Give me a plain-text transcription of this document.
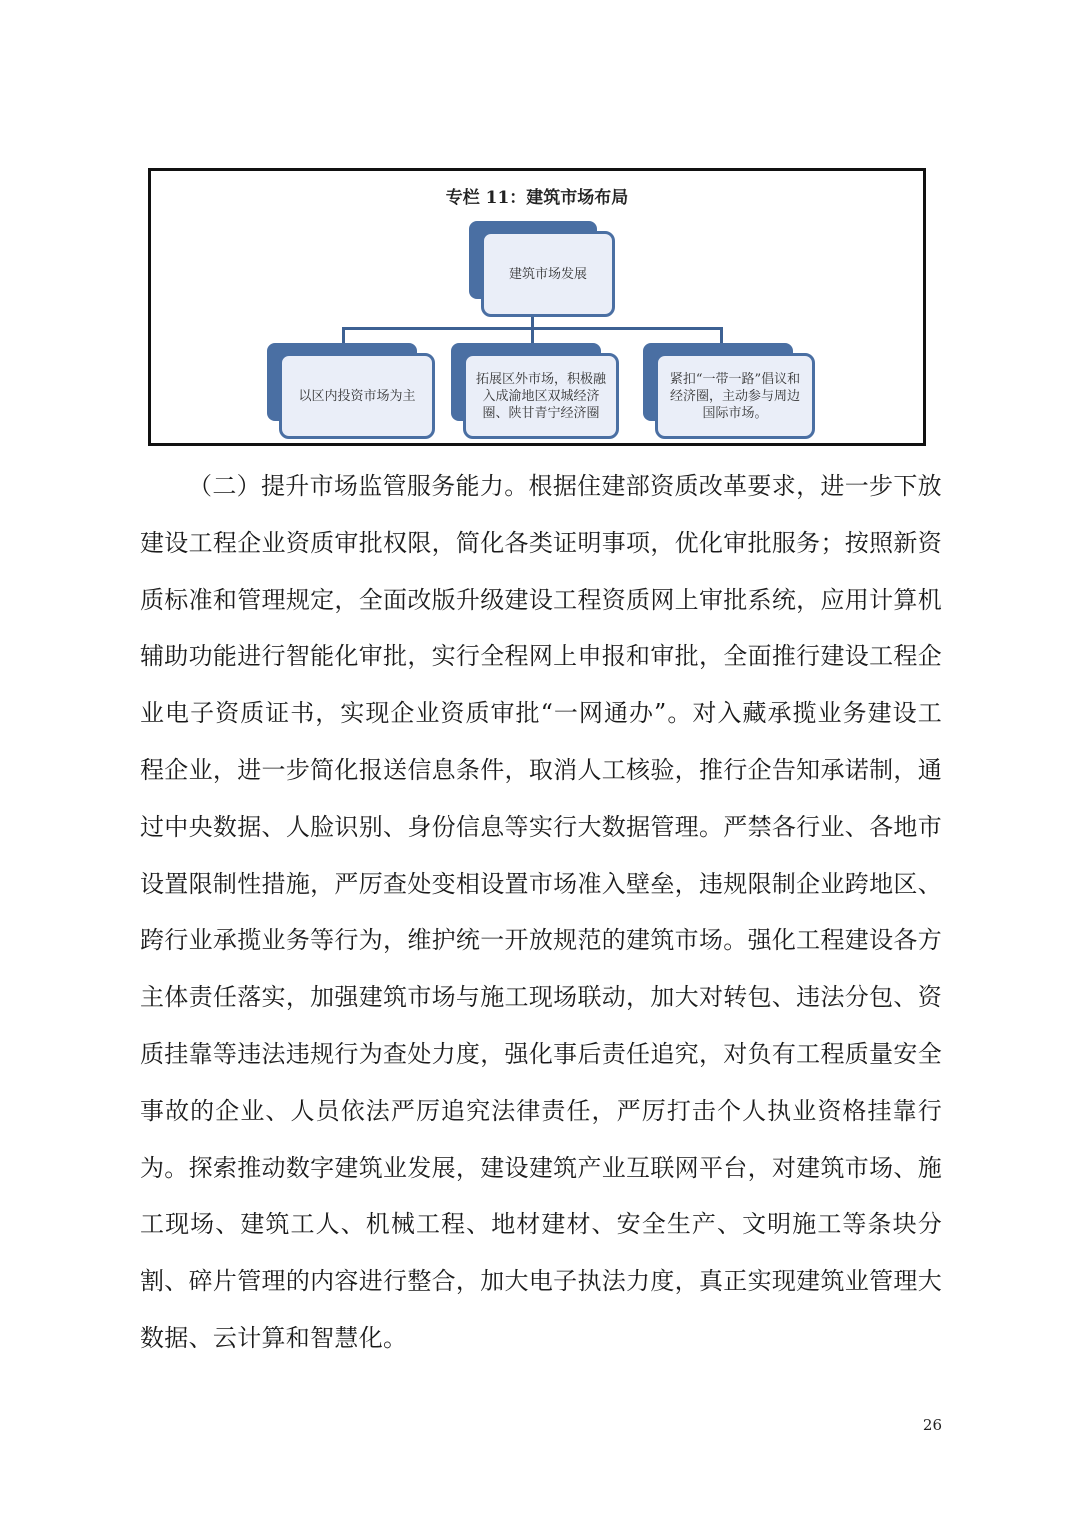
专栏 11：建筑市场布局
建筑市场发展
以区内投资市场为主
拓展区外市场，积极融入成渝地区双城经济圈、陕甘青宁经济圈
紧扣“一带一路”倡议和经济圈，主动参与周边国际市场。

（二）提升市场监管服务能力。根据住建部资质改革要求，进一步下放建设工程企业资质审批权限，简化各类证明事项，优化审批服务；按照新资质标准和管理规定，全面改版升级建设工程资质网上审批系统，应用计算机辅助功能进行智能化审批，实行全程网上申报和审批，全面推行建设工程企业电子资质证书，实现企业资质审批“一网通办”。对入藏承揽业务建设工程企业，进一步简化报送信息条件，取消人工核验，推行企告知承诺制，通过中央数据、人脸识别、身份信息等实行大数据管理。严禁各行业、各地市设置限制性措施，严厉查处变相设置市场准入壁垒，违规限制企业跨地区、跨行业承揽业务等行为，维护统一开放规范的建筑市场。强化工程建设各方主体责任落实，加强建筑市场与施工现场联动，加大对转包、违法分包、资质挂靠等违法违规行为查处力度，强化事后责任追究，对负有工程质量安全事故的企业、人员依法严厉追究法律责任，严厉打击个人执业资格挂靠行为。探索推动数字建筑业发展，建设建筑产业互联网平台，对建筑市场、施工现场、建筑工人、机械工程、地材建材、安全生产、文明施工等条块分割、碎片管理的内容进行整合，加大电子执法力度，真正实现建筑业管理大数据、云计算和智慧化。

26
